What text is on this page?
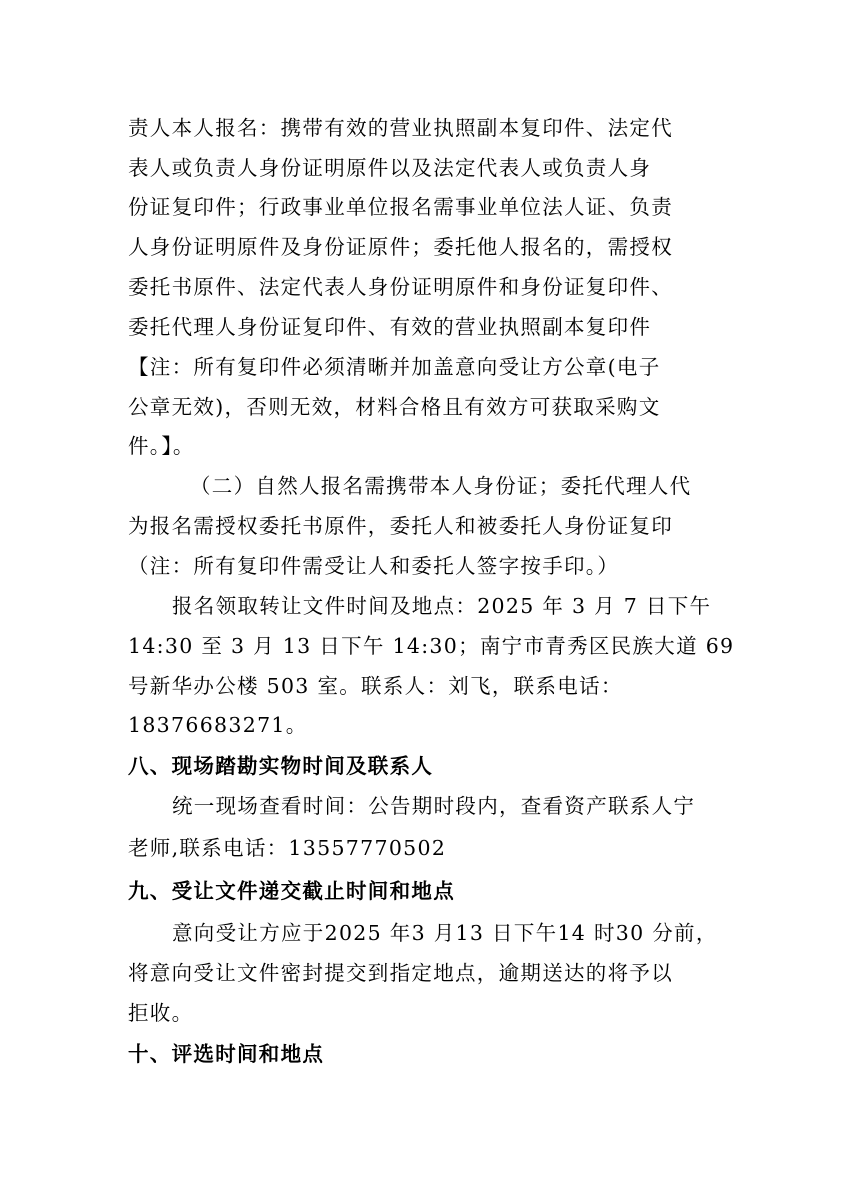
责人本人报名：携带有效的营业执照副本复印件、法定代
表人或负责人身份证明原件以及法定代表人或负责人身
份证复印件；行政事业单位报名需事业单位法人证、负责
人身份证明原件及身份证原件；委托他人报名的，需授权
委托书原件、法定代表人身份证明原件和身份证复印件、
委托代理人身份证复印件、有效的营业执照副本复印件
【注：所有复印件必须清晰并加盖意向受让方公章(电子
公章无效)，否则无效，材料合格且有效方可获取采购文
件。】。
（二）自然人报名需携带本人身份证；委托代理人代
为报名需授权委托书原件，委托人和被委托人身份证复印
（注：所有复印件需受让人和委托人签字按手印。）
报名领取转让文件时间及地点：2025 年 3 月 7 日下午
14:30 至 3 月 13 日下午 14:30；南宁市青秀区民族大道 69
号新华办公楼 503 室。联系人：刘飞，联系电话：
18376683271。
八、现场踏勘实物时间及联系人
统一现场查看时间：公告期时段内，查看资产联系人宁
老师,联系电话：13557770502
九、受让文件递交截止时间和地点
意向受让方应于2025 年3 月13 日下午14 时30 分前，
将意向受让文件密封提交到指定地点，逾期送达的将予以
拒收。
十、评选时间和地点
